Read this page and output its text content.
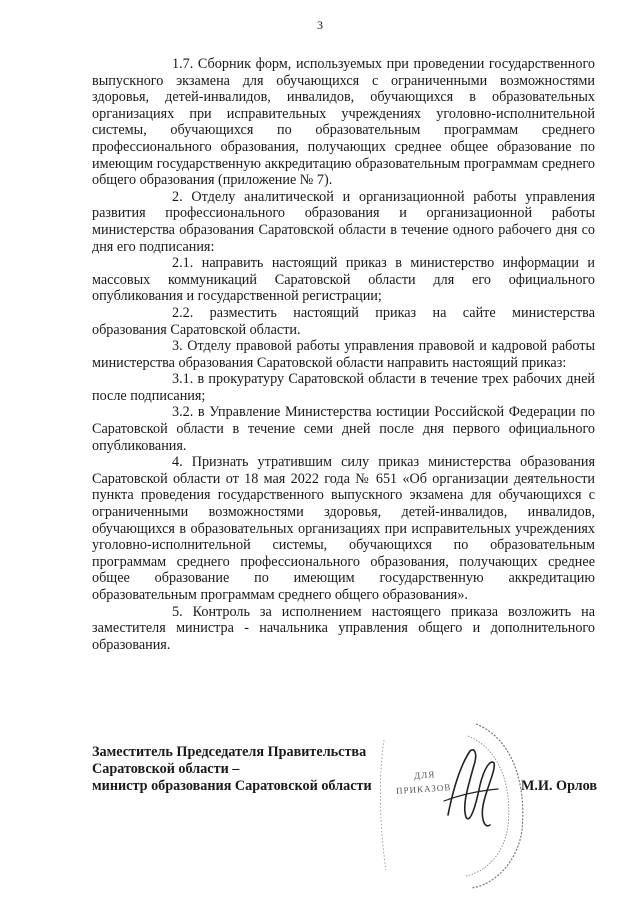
3

1.7. Сборник форм, используемых при проведении государственного выпускного экзамена для обучающихся с ограниченными возможностями здоровья, детей-инвалидов, инвалидов, обучающихся в образовательных организациях при исправительных учреждениях уголовно-исполнительной системы, обучающихся по образовательным программам среднего профессионального образования, получающих среднее общее образование по имеющим государственную аккредитацию образовательным программам среднего общего образования (приложение № 7).

2. Отделу аналитической и организационной работы управления развития профессионального образования и организационной работы министерства образования Саратовской области в течение одного рабочего дня со дня его подписания:

2.1. направить настоящий приказ в министерство информации и массовых коммуникаций Саратовской области для его официального опубликования и государственной регистрации;

2.2. разместить настоящий приказ на сайте министерства образования Саратовской области.

3. Отделу правовой работы управления правовой и кадровой работы министерства образования Саратовской области направить настоящий приказ:

3.1. в прокуратуру Саратовской области в течение трех рабочих дней после подписания;

3.2. в Управление Министерства юстиции Российской Федерации по Саратовской области в течение семи дней после дня первого официального опубликования.

4. Признать утратившим силу приказ министерства образования Саратовской области от 18 мая 2022 года № 651 «Об организации деятельности пункта проведения государственного выпускного экзамена для обучающихся с ограниченными возможностями здоровья, детей-инвалидов, инвалидов, обучающихся в образовательных организациях при исправительных учреждениях уголовно-исполнительной системы, обучающихся по образовательным программам среднего профессионального образования, получающих среднее общее образование по имеющим государственную аккредитацию образовательным программам среднего общего образования».

5. Контроль за исполнением настоящего приказа возложить на заместителя министра - начальника управления общего и дополнительного образования.

ДЛЯ
ПРИКАЗОВ
Заместитель Председателя Правительства
Саратовской области –
министр образования Саратовской области	М.И. Орлов
